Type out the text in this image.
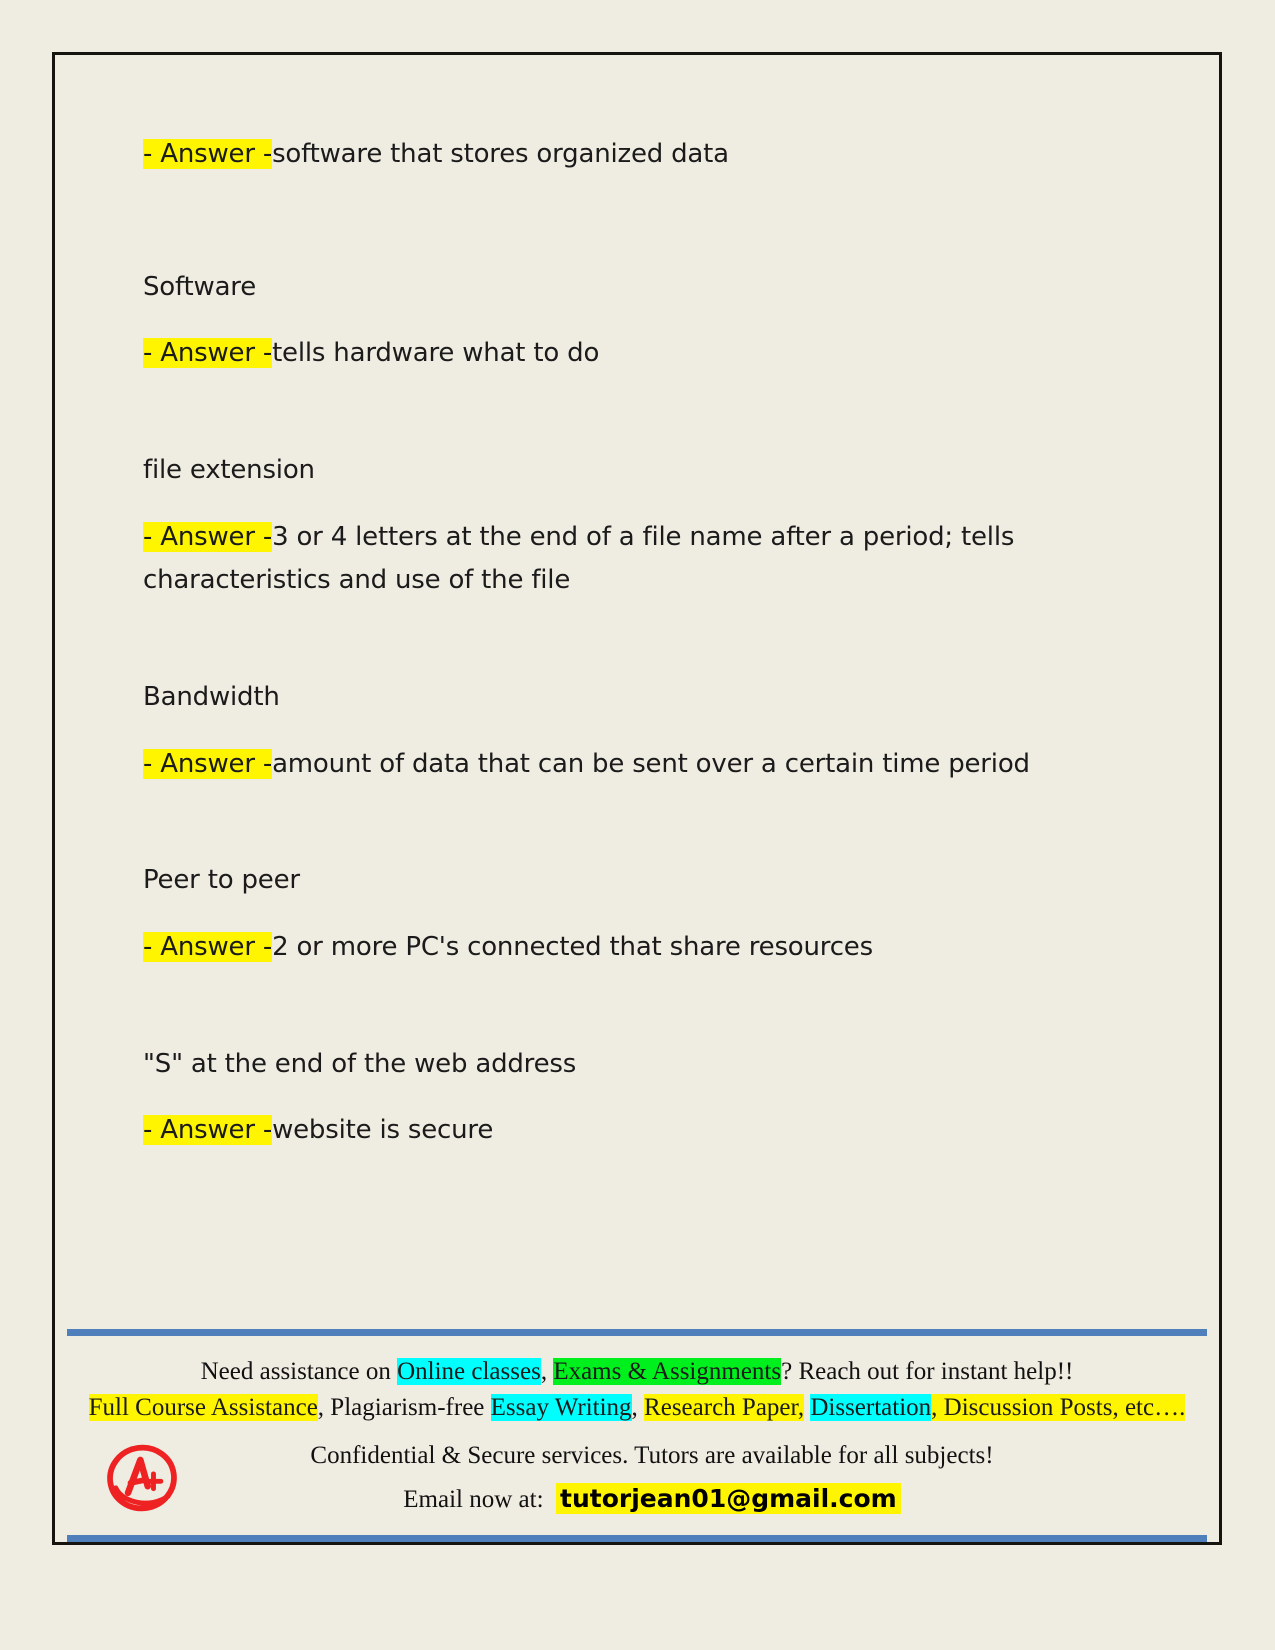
- Answer -software that stores organized data

Software

- Answer -tells hardware what to do

file extension

- Answer -3 or 4 letters at the end of a file name after a period; tells characteristics and use of the file

Bandwidth

- Answer -amount of data that can be sent over a certain time period

Peer to peer

- Answer -2 or more PC's connected that share resources

"S" at the end of the web address

- Answer -website is secure

Need assistance on Online classes, Exams & Assignments? Reach out for instant help!!
Full Course Assistance, Plagiarism-free Essay Writing, Research Paper, Dissertation, Discussion Posts, etc….
Confidential & Secure services. Tutors are available for all subjects!
Email now at: tutorjean01@gmail.com
